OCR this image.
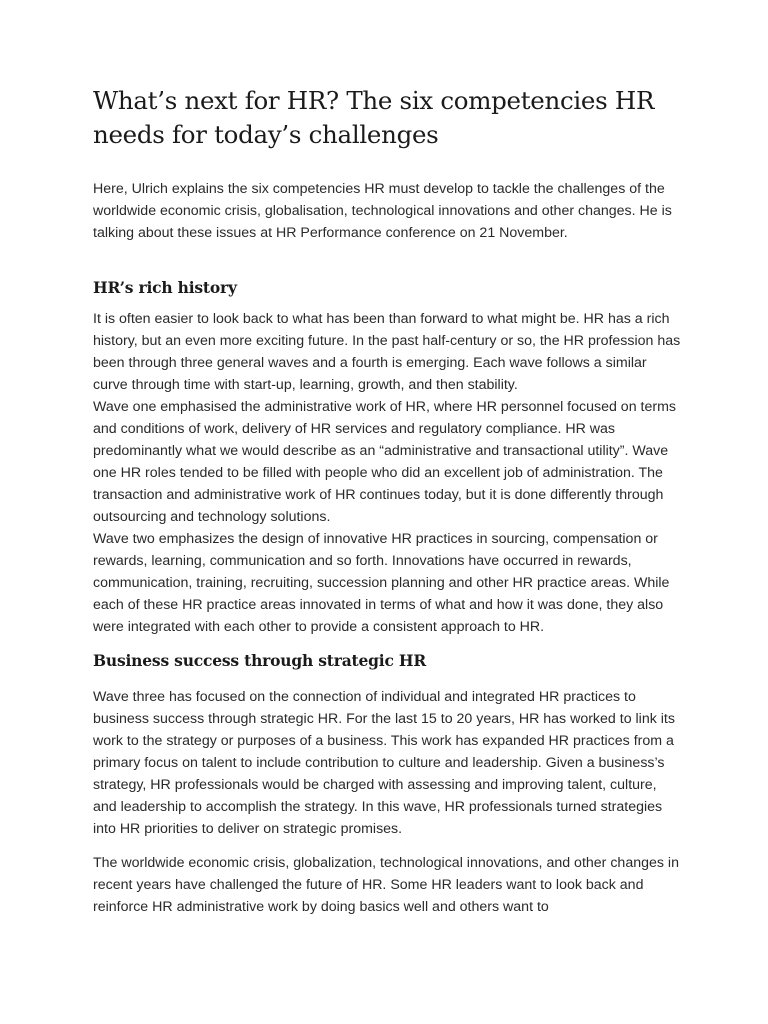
What’s next for HR? The six competencies HR needs for today’s challenges

Here, Ulrich explains the six competencies HR must develop to tackle the challenges of the worldwide economic crisis, globalisation, technological innovations and other changes. He is talking about these issues at HR Performance conference on 21 November.

HR’s rich history

It is often easier to look back to what has been than forward to what might be. HR has a rich history, but an even more exciting future. In the past half-century or so, the HR profession has been through three general waves and a fourth is emerging. Each wave follows a similar curve through time with start-up, learning, growth, and then stability.

Wave one emphasised the administrative work of HR, where HR personnel focused on terms and conditions of work, delivery of HR services and regulatory compliance. HR was predominantly what we would describe as an “administrative and transactional utility”. Wave one HR roles tended to be filled with people who did an excellent job of administration. The transaction and administrative work of HR continues today, but it is done differently through outsourcing and technology solutions.

Wave two emphasizes the design of innovative HR practices in sourcing, compensation or rewards, learning, communication and so forth. Innovations have occurred in rewards, communication, training, recruiting, succession planning and other HR practice areas. While each of these HR practice areas innovated in terms of what and how it was done, they also were integrated with each other to provide a consistent approach to HR.

Business success through strategic HR

Wave three has focused on the connection of individual and integrated HR practices to business success through strategic HR. For the last 15 to 20 years, HR has worked to link its work to the strategy or purposes of a business. This work has expanded HR practices from a primary focus on talent to include contribution to culture and leadership. Given a business’s strategy, HR professionals would be charged with assessing and improving talent, culture, and leadership to accomplish the strategy. In this wave, HR professionals turned strategies into HR priorities to deliver on strategic promises.

The worldwide economic crisis, globalization, technological innovations, and other changes in recent years have challenged the future of HR. Some HR leaders want to look back and reinforce HR administrative work by doing basics well and others want to
